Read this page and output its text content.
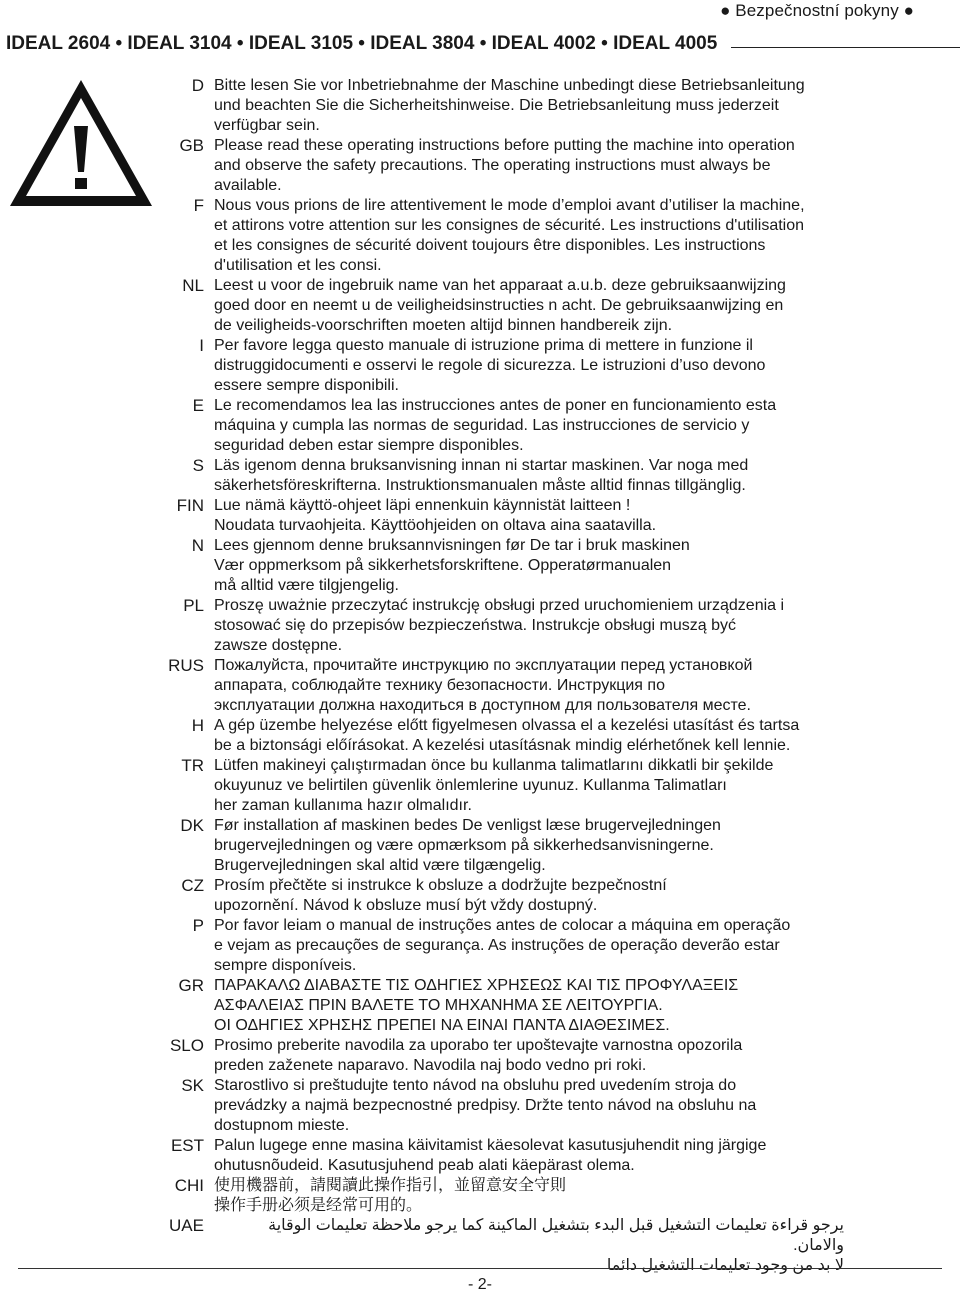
● Bezpečnostní pokyny ●
IDEAL 2604 • IDEAL 3104 • IDEAL 3105 • IDEAL 3804 • IDEAL 4002 • IDEAL 4005
D Bitte lesen Sie vor Inbetriebnahme der Maschine unbedingt diese Betriebsanleitung

und beachten Sie die Sicherheitshinweise. Die Betriebsanleitung muss jederzeit

verfügbar sein.

GB Please read these operating instructions before putting the machine into operation

and observe the safety precautions. The operating instructions must always be

available.

F Nous vous prions de lire attentivement le mode d’emploi avant d’utiliser la machine,

et attirons votre attention sur les consignes de sécurité. Les instructions d'utilisation

et les consignes de sécurité doivent toujours être disponibles. Les instructions

d'utilisation et les consi.

NL Leest u voor de ingebruik name van het apparaat a.u.b. deze gebruiksaanwijzing

goed door en neemt u de veiligheidsinstructies n acht. De gebruiksaanwijzing en

de veiligheids-voorschriften moeten altijd binnen handbereik zijn.

I Per favore legga questo manuale di istruzione prima di mettere in funzione il

distruggidocumenti e osservi le regole di sicurezza. Le istruzioni d’uso devono

essere sempre disponibili.

E Le recomendamos lea las instrucciones antes de poner en funcionamiento esta

máquina y cumpla las normas de seguridad. Las instrucciones de servicio y

seguridad deben estar siempre disponibles.

S Läs igenom denna bruksanvisning innan ni startar maskinen. Var noga med

säkerhetsföreskrifterna. Instruktionsmanualen måste alltid finnas tillgänglig.

FIN Lue nämä käyttö-ohjeet läpi ennenkuin käynnistät laitteen !

Noudata turvaohjeita. Käyttöohjeiden on oltava aina saatavilla.

N Lees gjennom denne bruksannvisningen før De tar i bruk maskinen

Vær oppmerksom på sikkerhetsforskriftene. Opperatørmanualen

må alltid være tilgjengelig.

PL Proszę uważnie przeczytać instrukcję obsługi przed uruchomieniem urządzenia i

stosować się do przepisów bezpieczeństwa. Instrukcje obsługi muszą być

zawsze dostępne.

RUS Пожалуйста, прочитайте инструкцию по эксплуатации перед установкой

аппарата, соблюдайте технику безопасности. Инструкция по

эксплуатации должна находиться в доступном для пользователя месте.

H A gép üzembe helyezése előtt figyelmesen olvassa el a kezelési utasítást és tartsa

be a biztonsági előírásokat. A kezelési utasításnak mindig elérhetőnek kell lennie.

TR Lütfen makineyi çalıştırmadan önce bu kullanma talimatlarını dikkatli bir şekilde

okuyunuz ve belirtilen güvenlik önlemlerine uyunuz. Kullanma Talimatları

her zaman kullanıma hazır olmalıdır.

DK Før installation af maskinen bedes De venligst læse brugervejledningen

brugervejledningen og være opmærksom på sikkerhedsanvisningerne.

Brugervejledningen skal altid være tilgængelig.

CZ Prosím přečtěte si instrukce k obsluze a dodržujte bezpečnostní

upozornění. Návod k obsluze musí být vždy dostupný.

P Por favor leiam o manual de instruções antes de colocar a máquina em operação

e vejam as precauções de segurança. As instruções de operação deverão estar

sempre disponíveis.

GR ΠΑΡΑΚΑΛΩ ΔΙΑΒΑΣΤΕ ΤΙΣ ΟΔΗΓΙΕΣ ΧΡΗΣΕΩΣ ΚΑΙ ΤΙΣ ΠΡΟΦΥΛΑΞΕΙΣ

ΑΣΦΑΛΕΙΑΣ ΠΡΙΝ ΒΑΛΕΤΕ ΤΟ ΜΗΧΑΝΗΜΑ ΣΕ ΛΕΙΤΟΥΡΓΙΑ.

ΟΙ ΟΔΗΓΙΕΣ ΧΡΗΣΗΣ ΠΡΕΠΕΙ ΝΑ ΕΙΝΑΙ ΠΑΝΤΑ ΔΙΑΘΕΣΙΜΕΣ.

SLO Prosimo preberite navodila za uporabo ter upoštevajte varnostna opozorila

preden zaženete naparavo. Navodila naj bodo vedno pri roki.

SK Starostlivo si preštudujte tento návod na obsluhu pred uvedením stroja do

prevádzky a najmä bezpecnostné predpisy. Držte tento návod na obsluhu na

dostupnom mieste.

EST Palun lugege enne masina käivitamist käesolevat kasutusjuhendit ning järgige

ohutusnõudeid. Kasutusjuhend peab alati käepärast olema.

CHI 使用機器前，請閱讀此操作指引，並留意安全守則

操作手册必须是经常可用的。

UAE	يرجو قراءة تعليمات التشغيل قبل البدء بتشغيل الماكينة كما يرجو ملاحظة تعليمات الوقاية والامان.

لا بد من وجود تعليمات التشغيل دائما

- 2-
